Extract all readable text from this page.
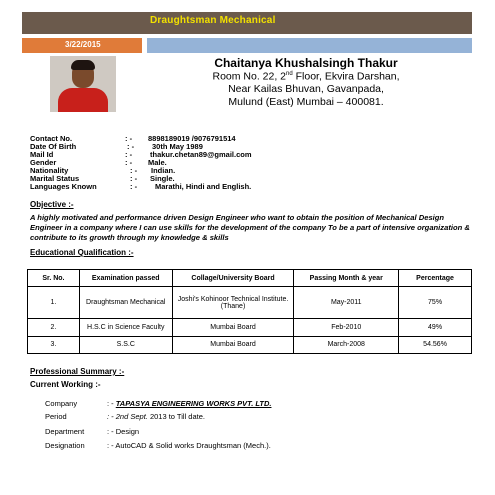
Draughtsman Mechanical
3/22/2015
Chaitanya Khushalsingh Thakur
Room No. 22, 2nd Floor, Ekvira Darshan,
Near Kailas Bhuvan, Gavanpada,
Mulund (East) Mumbai – 400081.
Contact No.	: - 8898189019 /9076791514
Date Of Birth	: - 30th May 1989
Mail Id	: - thakur.chetan89@gmail.com
Gender	: - Male.
Nationality	: - Indian.
Marital Status	: - Single.
Languages Known	: - Marathi, Hindi and English.
Objective :-
A highly motivated and performance driven Design Engineer who want to obtain the position of Mechanical Design Engineer in a company where I can use skills for the development of the company To be a part of intensive organization & contribute to its growth through my knowledge & skills
Educational Qualification :-
Sr. No.	Examination passed	Collage/University Board	Passing Month & year	Percentage
1.	Draughtsman Mechanical	Joshi's Kohinoor Technical Institute.(Thane)	May-2011	75%
2.	H.S.C in Science Faculty	Mumbai Board	Feb-2010	49%
3.	S.S.C	Mumbai Board	March-2008	54.56%
Professional Summary :-
Current Working :-
Company	: - TAPASYA ENGINEERING WORKS PVT. LTD.
Period	: - 2nd Sept. 2013 to Till date.
Department	: - Design
Designation	: - AutoCAD & Solid works Draughtsman (Mech.).
